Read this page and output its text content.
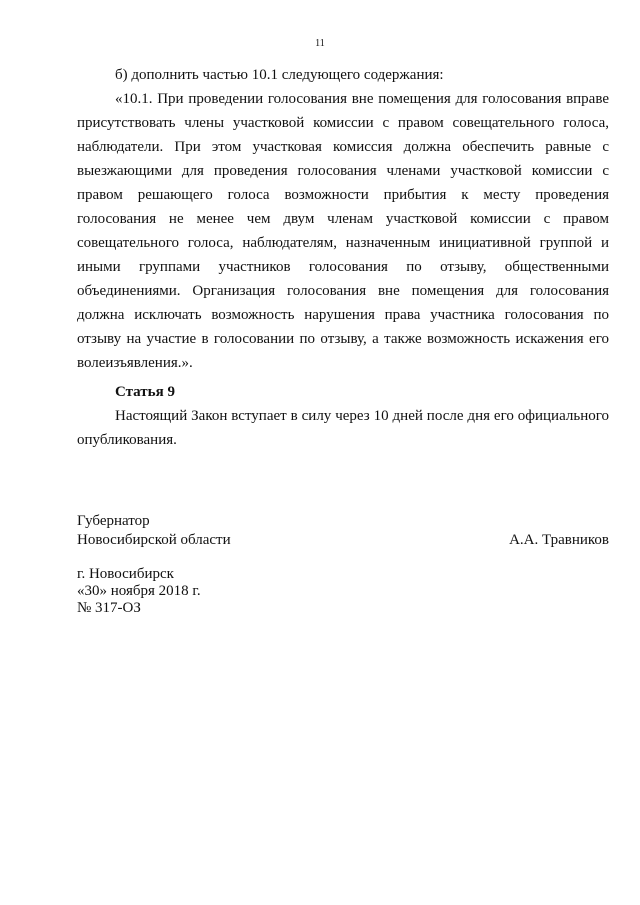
11

б) дополнить частью 10.1 следующего содержания:

«10.1. При проведении голосования вне помещения для голосования вправе присутствовать члены участковой комиссии с правом совещательного голоса, наблюдатели. При этом участковая комиссия должна обеспечить равные с выезжающими для проведения голосования членами участковой комиссии с правом решающего голоса возможности прибытия к месту проведения голосования не менее чем двум членам участковой комиссии с правом совещательного голоса, наблюдателям, назначенным инициативной группой и иными группами участников голосования по отзыву, общественными объединениями. Организация голосования вне помещения для голосования должна исключать возможность нарушения права участника голосования по отзыву на участие в голосовании по отзыву, а также возможность искажения его волеизъявления.».

Статья 9

Настоящий Закон вступает в силу через 10 дней после дня его официального опубликования.

Губернатор
Новосибирской области	А.А. Травников
г. Новосибирск
«30» ноября 2018 г.
№ 317-ОЗ
